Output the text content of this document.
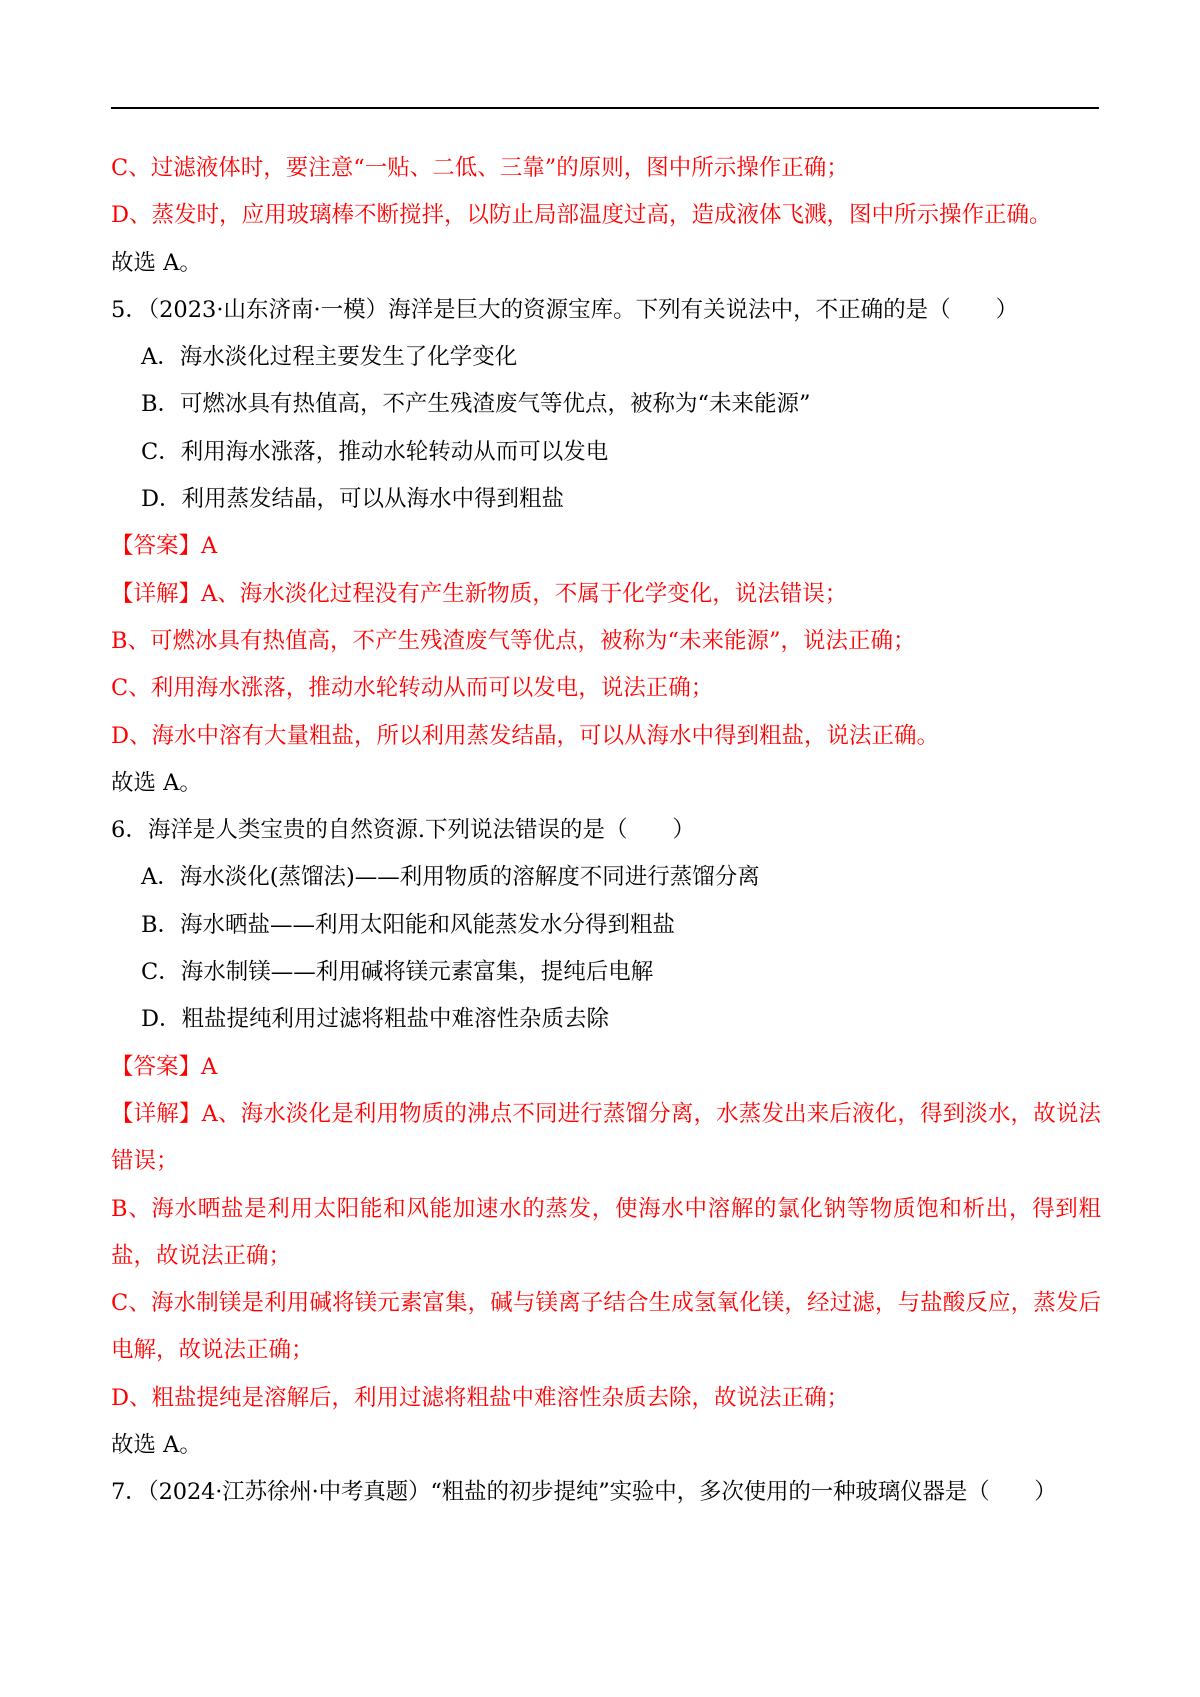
C、过滤液体时，要注意“一贴、二低、三靠”的原则，图中所示操作正确；
D、蒸发时，应用玻璃棒不断搅拌，以防止局部温度过高，造成液体飞溅，图中所示操作正确。
故选 A。
5．（2023·山东济南·一模）海洋是巨大的资源宝库。下列有关说法中，不正确的是（　　）
A．海水淡化过程主要发生了化学变化
B．可燃冰具有热值高，不产生残渣废气等优点，被称为“未来能源”
C．利用海水涨落，推动水轮转动从而可以发电
D．利用蒸发结晶，可以从海水中得到粗盐
【答案】A
【详解】A、海水淡化过程没有产生新物质，不属于化学变化，说法错误；
B、可燃冰具有热值高，不产生残渣废气等优点，被称为“未来能源”，说法正确；
C、利用海水涨落，推动水轮转动从而可以发电，说法正确；
D、海水中溶有大量粗盐，所以利用蒸发结晶，可以从海水中得到粗盐，说法正确。
故选 A。
6．海洋是人类宝贵的自然资源.下列说法错误的是（　　）
A．海水淡化(蒸馏法)——利用物质的溶解度不同进行蒸馏分离
B．海水晒盐——利用太阳能和风能蒸发水分得到粗盐
C．海水制镁——利用碱将镁元素富集，提纯后电解
D．粗盐提纯利用过滤将粗盐中难溶性杂质去除
【答案】A
【详解】A、海水淡化是利用物质的沸点不同进行蒸馏分离，水蒸发出来后液化，得到淡水，故说法错误；
B、海水晒盐是利用太阳能和风能加速水的蒸发，使海水中溶解的氯化钠等物质饱和析出，得到粗盐，故说法正确；
C、海水制镁是利用碱将镁元素富集，碱与镁离子结合生成氢氧化镁，经过滤，与盐酸反应，蒸发后电解，故说法正确；
D、粗盐提纯是溶解后，利用过滤将粗盐中难溶性杂质去除，故说法正确；
故选 A。
7．（2024·江苏徐州·中考真题）“粗盐的初步提纯”实验中，多次使用的一种玻璃仪器是（　　）
